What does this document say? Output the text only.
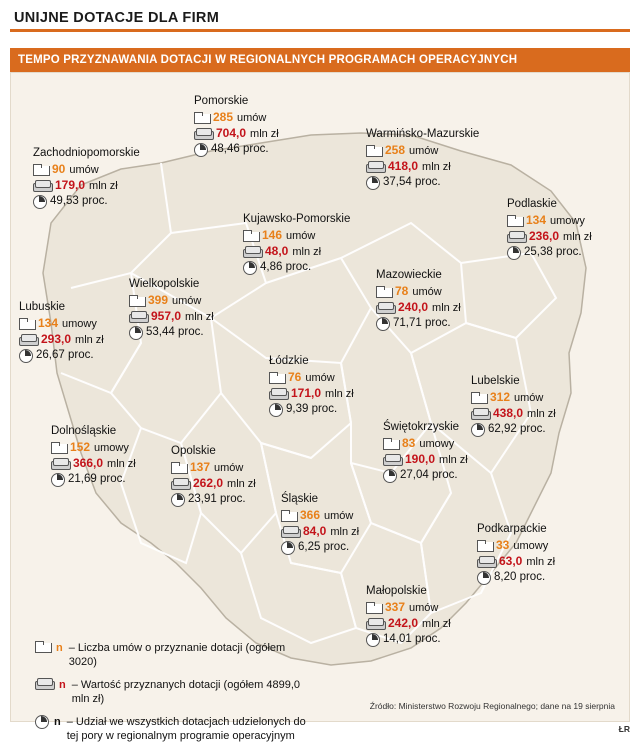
UNIJNE DOTACJE DLA FIRM
TEMPO PRZYZNAWANIA DOTACJI W REGIONALNYCH PROGRAMACH OPERACYJNYCH
Pomorskie
285 umów
704,0 mln zł
48,46 proc.
Zachodniopomorskie
90 umów
179,0 mln zł
49,53 proc.
Warmińsko-Mazurskie
258 umów
418,0 mln zł
37,54 proc.
Podlaskie
134 umowy
236,0 mln zł
25,38 proc.
Kujawsko-Pomorskie
146 umów
48,0 mln zł
4,86 proc.
Wielkopolskie
399 umów
957,0 mln zł
53,44 proc.
Mazowieckie
78 umów
240,0 mln zł
71,71 proc.
Lubuskie
134 umowy
293,0 mln zł
26,67 proc.	Łódzkie
76 umów
171,0 mln zł
9,39 proc.
Lubelskie
312 umów
438,0 mln zł
62,92 proc.
Dolnośląskie
152 umowy
366,0 mln zł
21,69 proc.
Opolskie
137 umów
262,0 mln zł
23,91 proc.
Świętokrzyskie
83 umowy
190,0 mln zł
27,04 proc.
Śląskie
366 umów
84,0 mln zł
6,25 proc.
Podkarpackie
33 umowy
63,0 mln zł
8,20 proc.
Małopolskie
337 umów
242,0 mln zł
14,01 proc.
n – Liczba umów o przyznanie dotacji (ogółem 3020)
n – Wartość przyznanych dotacji (ogółem 4899,0 mln zł)
n – Udział we wszystkich dotacjach udzielonych do tej pory w regionalnym programie operacyjnym
Źródło: Ministerstwo Rozwoju Regionalnego; dane na 19 sierpnia
ŁR
